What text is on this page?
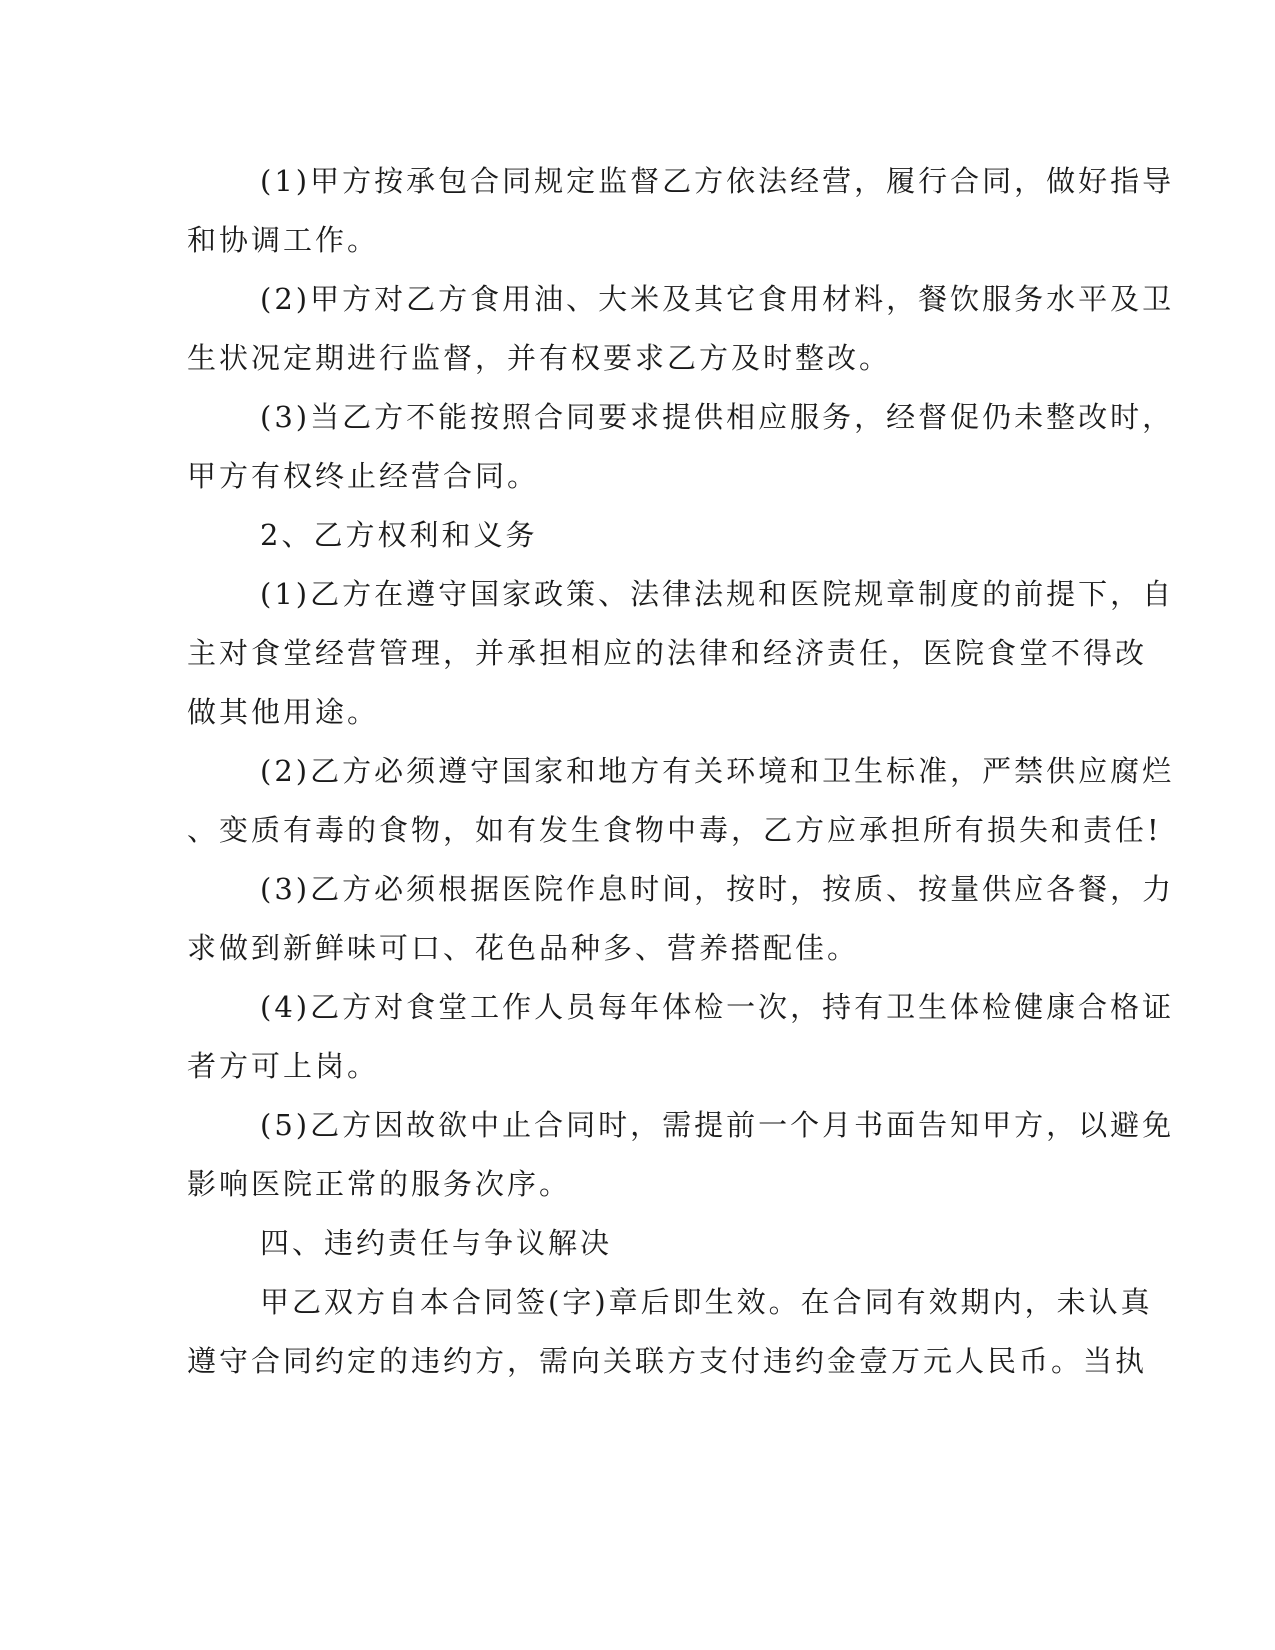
(1)甲方按承包合同规定监督乙方依法经营，履行合同，做好指导
和协调工作。
(2)甲方对乙方食用油、大米及其它食用材料，餐饮服务水平及卫
生状况定期进行监督，并有权要求乙方及时整改。
(3)当乙方不能按照合同要求提供相应服务，经督促仍未整改时，
甲方有权终止经营合同。
2、乙方权利和义务
(1)乙方在遵守国家政策、法律法规和医院规章制度的前提下，自
主对食堂经营管理，并承担相应的法律和经济责任，医院食堂不得改
做其他用途。
(2)乙方必须遵守国家和地方有关环境和卫生标准，严禁供应腐烂
、变质有毒的食物，如有发生食物中毒，乙方应承担所有损失和责任!
(3)乙方必须根据医院作息时间，按时，按质、按量供应各餐，力
求做到新鲜味可口、花色品种多、营养搭配佳。
(4)乙方对食堂工作人员每年体检一次，持有卫生体检健康合格证
者方可上岗。
(5)乙方因故欲中止合同时，需提前一个月书面告知甲方，以避免
影响医院正常的服务次序。
四、违约责任与争议解决
甲乙双方自本合同签(字)章后即生效。在合同有效期内，未认真
遵守合同约定的违约方，需向关联方支付违约金壹万元人民币。当执
